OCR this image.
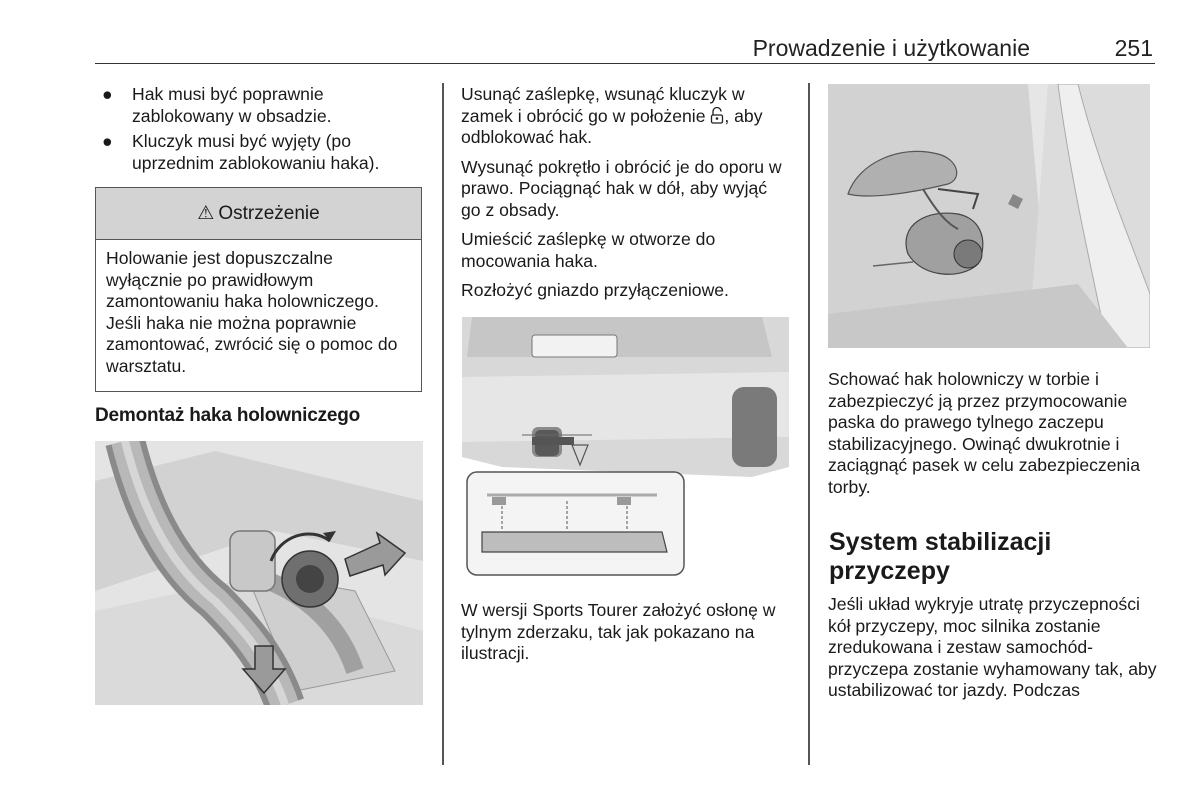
Prowadzenie i użytkowanie	251
● Hak musi być poprawnie zablokowany w obsadzie.
● Kluczyk musi być wyjęty (po uprzednim zablokowaniu haka).
⚠ Ostrzeżenie
Holowanie jest dopuszczalne wyłącznie po prawidłowym zamontowaniu haka holowniczego. Jeśli haka nie można poprawnie zamontować, zwrócić się o pomoc do warsztatu.
Demontaż haka holowniczego

Usunąć zaślepkę, wsunąć kluczyk w zamek i obrócić go w położenie , aby odblokować hak.

Wysunąć pokrętło i obrócić je do oporu w prawo. Pociągnąć hak w dół, aby wyjąć go z obsady.

Umieścić zaślepkę w otworze do mocowania haka.

Rozłożyć gniazdo przyłączeniowe.

W wersji Sports Tourer założyć osłonę w tylnym zderzaku, tak jak pokazano na ilustracji.

Schować hak holowniczy w torbie i zabezpieczyć ją przez przymocowanie paska do prawego tylnego zaczepu stabilizacyjnego. Owinąć dwukrotnie i zaciągnąć pasek w celu zabezpieczenia torby.

System stabilizacji przyczepy

Jeśli układ wykryje utratę przyczepności kół przyczepy, moc silnika zostanie zredukowana i zestaw samochód-przyczepa zostanie wyhamowany tak, aby ustabilizować tor jazdy. Podczas
